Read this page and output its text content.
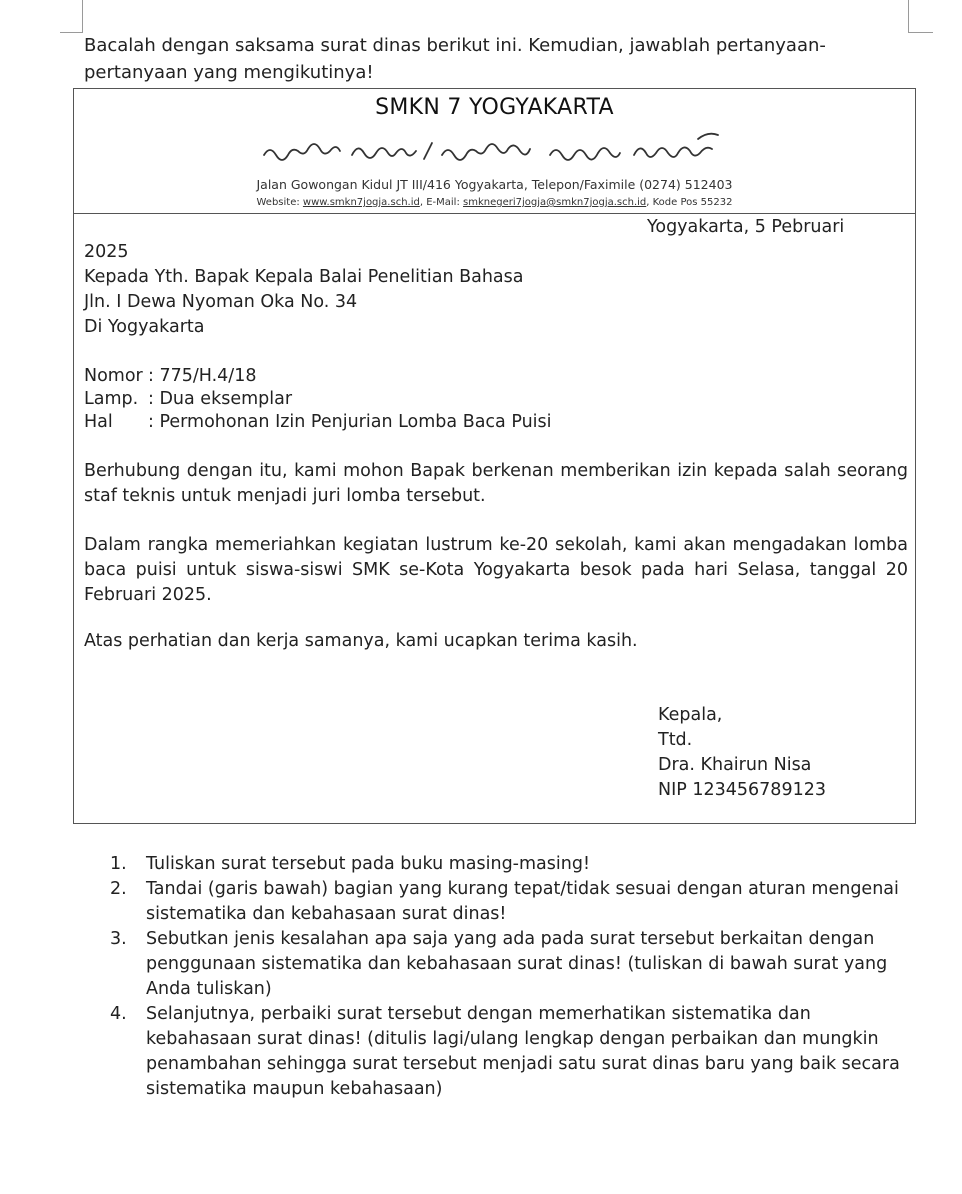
Bacalah dengan saksama surat dinas berikut ini. Kemudian, jawablah pertanyaan-pertanyaan yang mengikutinya!
SMKN 7 YOGYAKARTA
Jalan Gowongan Kidul JT III/416 Yogyakarta, Telepon/Faximile (0274) 512403
Website: www.smkn7jogja.sch.id, E-Mail: smknegeri7jogja@smkn7jogja.sch.id, Kode Pos 55232
Yogyakarta, 5 Pebruari
2025
Kepada Yth. Bapak Kepala Balai Penelitian Bahasa
Jln. I Dewa Nyoman Oka No. 34
Di Yogyakarta
Nomor : 775/H.4/18
Lamp. : Dua eksemplar
Hal : Permohonan Izin Penjurian Lomba Baca Puisi
Berhubung dengan itu, kami mohon Bapak berkenan memberikan izin kepada salah seorang staf teknis untuk menjadi juri lomba tersebut.
Dalam rangka memeriahkan kegiatan lustrum ke-20 sekolah, kami akan mengadakan lomba baca puisi untuk siswa-siswi SMK se-Kota Yogyakarta besok pada hari Selasa, tanggal 20 Februari 2025.
Atas perhatian dan kerja samanya, kami ucapkan terima kasih.
Kepala,
Ttd.
Dra. Khairun Nisa
NIP 123456789123
1. Tuliskan surat tersebut pada buku masing-masing!
2. Tandai (garis bawah) bagian yang kurang tepat/tidak sesuai dengan aturan mengenai sistematika dan kebahasaan surat dinas!
3. Sebutkan jenis kesalahan apa saja yang ada pada surat tersebut berkaitan dengan penggunaan sistematika dan kebahasaan surat dinas! (tuliskan di bawah surat yang Anda tuliskan)
4. Selanjutnya, perbaiki surat tersebut dengan memerhatikan sistematika dan kebahasaan surat dinas! (ditulis lagi/ulang lengkap dengan perbaikan dan mungkin penambahan sehingga surat tersebut menjadi satu surat dinas baru yang baik secara sistematika maupun kebahasaan)
